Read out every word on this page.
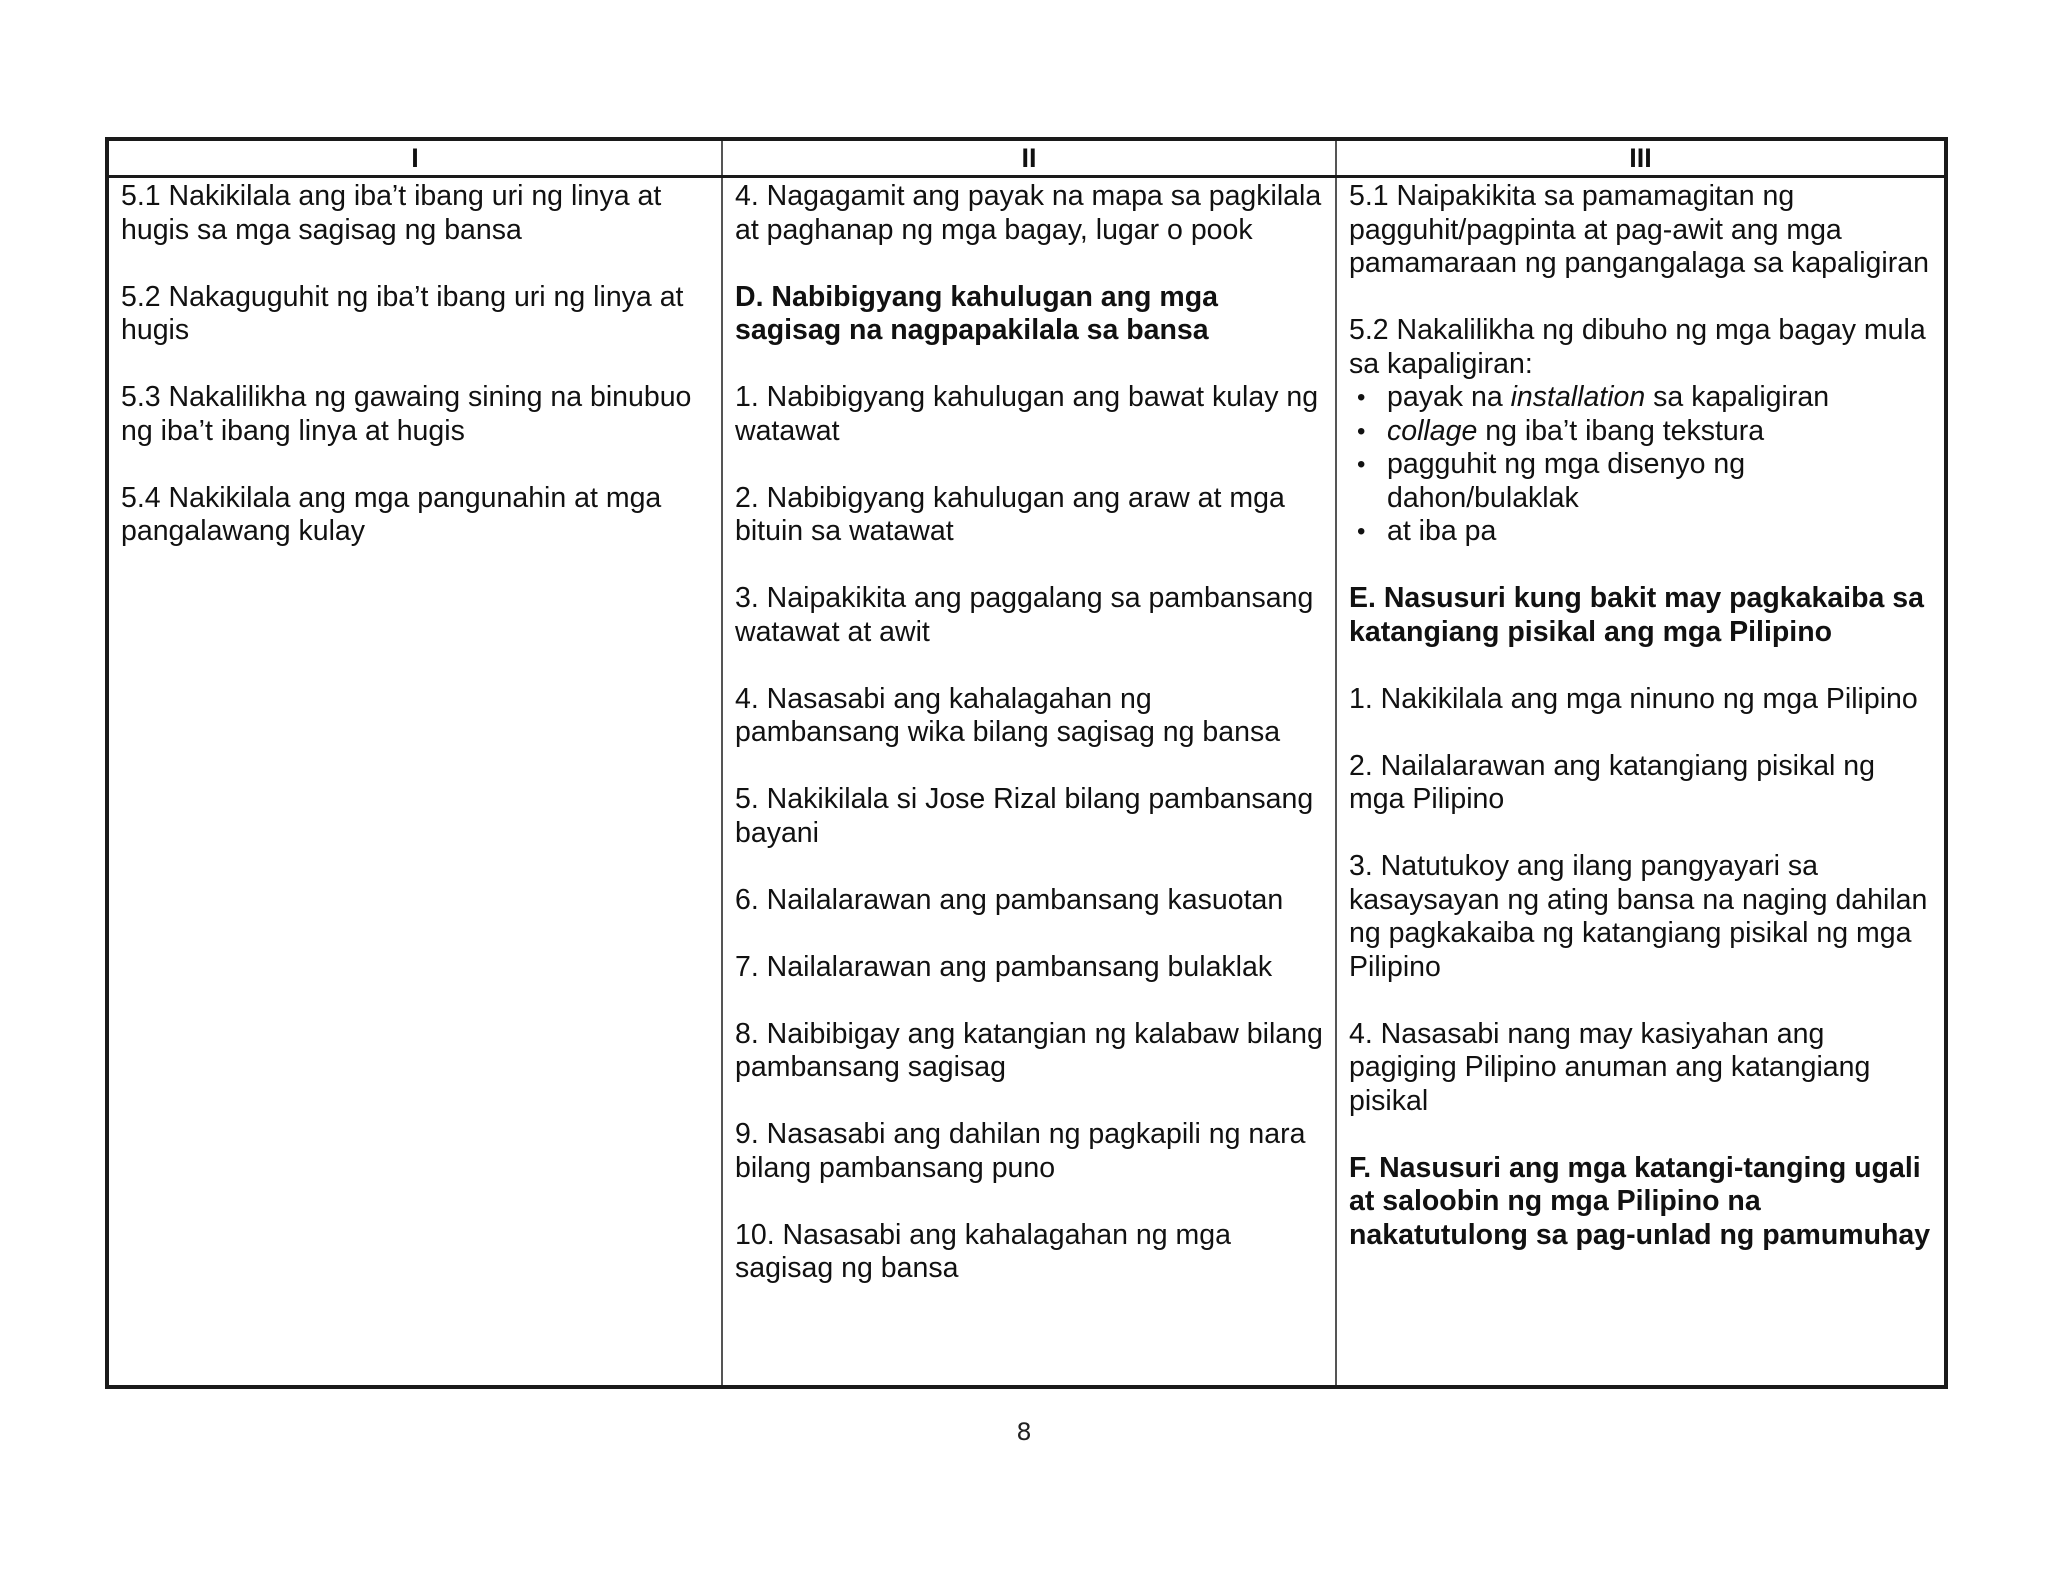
I	II	III

5.1 Nakikilala ang iba’t ibang uri ng linya at hugis sa mga sagisag ng bansa

5.2 Nakaguguhit ng iba’t ibang uri ng linya at hugis

5.3 Nakalilikha ng gawaing sining na binubuo ng iba’t ibang linya at hugis

5.4 Nakikilala ang mga pangunahin at mga pangalawang kulay

4. Nagagamit ang payak na mapa sa pagkilala at paghanap ng mga bagay, lugar o pook

D. Nabibigyang kahulugan ang mga sagisag na nagpapakilala sa bansa

1. Nabibigyang kahulugan ang bawat kulay ng watawat

2. Nabibigyang kahulugan ang araw at mga bituin sa watawat

3. Naipakikita ang paggalang sa pambansang watawat at awit

4. Nasasabi ang kahalagahan ng pambansang wika bilang sagisag ng bansa

5. Nakikilala si Jose Rizal bilang pambansang bayani

6. Nailalarawan ang pambansang kasuotan

7. Nailalarawan ang pambansang bulaklak

8. Naibibigay ang katangian ng kalabaw bilang pambansang sagisag

9. Nasasabi ang dahilan ng pagkapili ng nara bilang pambansang puno

10. Nasasabi ang kahalagahan ng mga sagisag ng bansa

5.1 Naipakikita sa pamamagitan ng pagguhit/pagpinta at pag-awit ang mga pamamaraan ng pangangalaga sa kapaligiran

5.2 Nakalilikha ng dibuho ng mga bagay mula sa kapaligiran:

• payak na installation sa kapaligiran
• collage ng iba’t ibang tekstura
• pagguhit ng mga disenyo ng dahon/bulaklak
• at iba pa

E. Nasusuri kung bakit may pagkakaiba sa katangiang pisikal ang mga Pilipino

1. Nakikilala ang mga ninuno ng mga Pilipino

2. Nailalarawan ang katangiang pisikal ng mga Pilipino

3. Natutukoy ang ilang pangyayari sa kasaysayan ng ating bansa na naging dahilan ng pagkakaiba ng katangiang pisikal ng mga Pilipino

4. Nasasabi nang may kasiyahan ang pagiging Pilipino anuman ang katangiang pisikal

F. Nasusuri ang mga katangi-tanging ugali at saloobin ng mga Pilipino na nakatutulong sa pag-unlad ng pamumuhay

8
